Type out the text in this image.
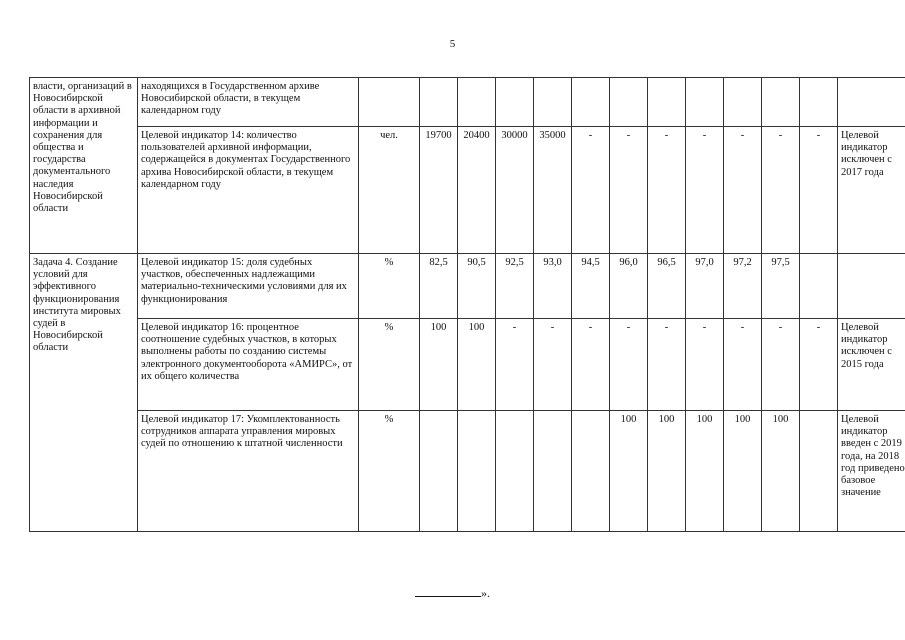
5
власти, организаций в Новосибирской области в архивной информации и сохранения для общества и государства документального наследия Новосибирской области	находящихся в Государственном архиве Новосибирской области, в текущем календарном году													
	Целевой индикатор 14: количество пользователей архивной информации, содержащейся в документах Государственного архива Новосибирской области, в текущем календарном году	чел.	19700	20400	30000	35000	-	-	-	-	-	-	-	Целевой индикатор исключен с 2017 года
Задача 4. Создание условий для эффективного функционирования института мировых судей в Новосибирской области	Целевой индикатор 15: доля судебных участков, обеспеченных надлежащими материально-техническими условиями для их функционирования	%	82,5	90,5	92,5	93,0	94,5	96,0	96,5	97,0	97,2	97,5		
	Целевой индикатор 16: процентное соотношение судебных участков, в которых выполнены работы по созданию системы электронного документооборота «АМИРС», от их общего количества	%	100	100	-	-	-	-	-	-	-	-	-	Целевой индикатор исключен с 2015 года
	Целевой индикатор 17: Укомплектованность сотрудников аппарата управления мировых судей по отношению к штатной численности	%						100	100	100	100	100		Целевой индикатор введен с 2019 года, на 2018 год приведено базовое значение
».
